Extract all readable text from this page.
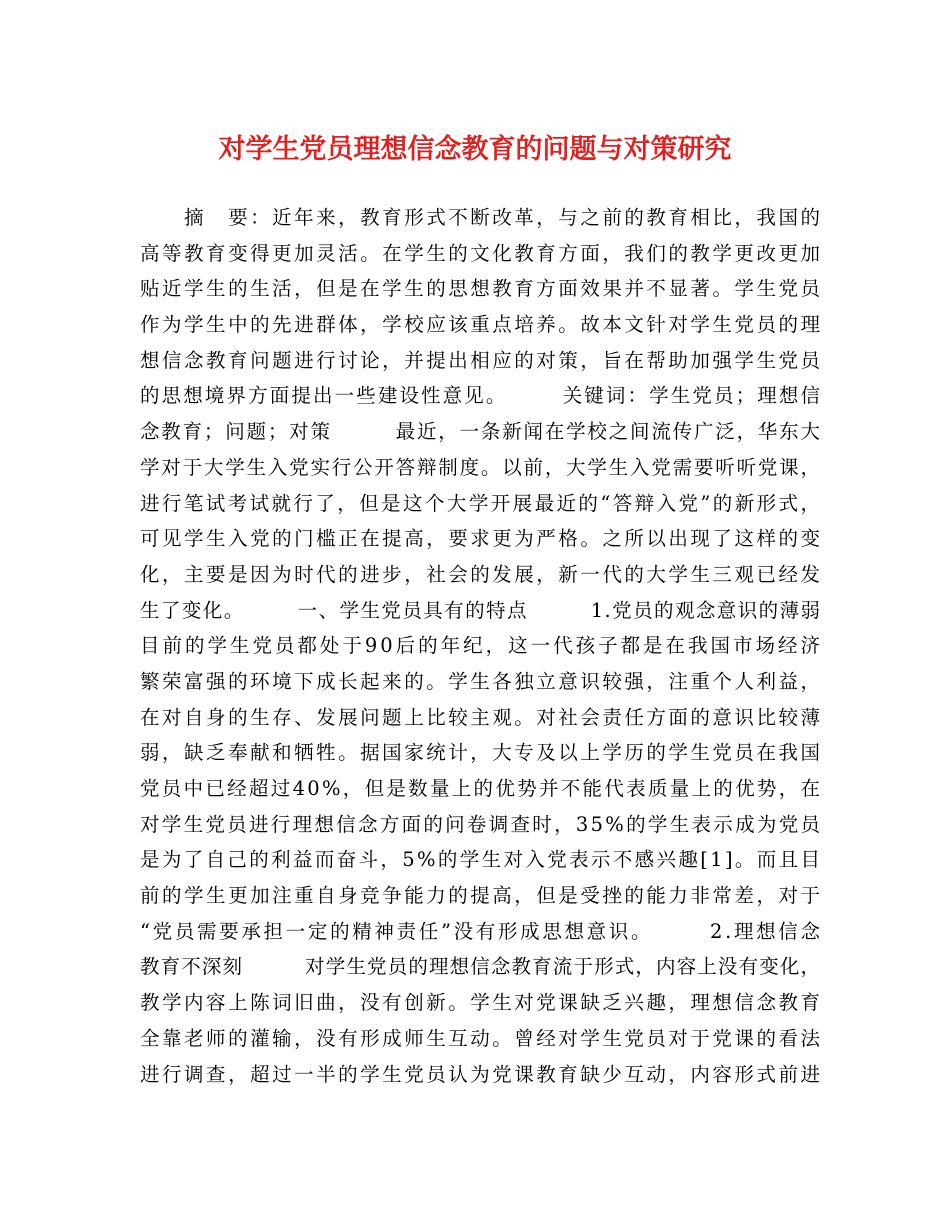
对学生党员理想信念教育的问题与对策研究
　　摘　要：近年来，教育形式不断改革，与之前的教育相比，我国的
高等教育变得更加灵活。在学生的文化教育方面，我们的教学更改更加
贴近学生的生活，但是在学生的思想教育方面效果并不显著。学生党员
作为学生中的先进群体，学校应该重点培养。故本文针对学生党员的理
想信念教育问题进行讨论，并提出相应的对策，旨在帮助加强学生党员
的思想境界方面提出一些建设性意见。　　　关键词：学生党员；理想信
念教育；问题；对策　　　最近，一条新闻在学校之间流传广泛，华东大
学对于大学生入党实行公开答辩制度。以前，大学生入党需要听听党课，
进行笔试考试就行了，但是这个大学开展最近的“答辩入党”的新形式，
可见学生入党的门槛正在提高，要求更为严格。之所以出现了这样的变
化，主要是因为时代的进步，社会的发展，新一代的大学生三观已经发
生了变化。　　　一、学生党员具有的特点　　　1.党员的观念意识的薄弱
目前的学生党员都处于90后的年纪，这一代孩子都是在我国市场经济
繁荣富强的环境下成长起来的。学生各独立意识较强，注重个人利益，
在对自身的生存、发展问题上比较主观。对社会责任方面的意识比较薄
弱，缺乏奉献和牺牲。据国家统计，大专及以上学历的学生党员在我国
党员中已经超过40%，但是数量上的优势并不能代表质量上的优势，在
对学生党员进行理想信念方面的问卷调查时，35%的学生表示成为党员
是为了自己的利益而奋斗，5%的学生对入党表示不感兴趣[1]。而且目
前的学生更加注重自身竞争能力的提高，但是受挫的能力非常差，对于
“党员需要承担一定的精神责任”没有形成思想意识。　　　2.理想信念
教育不深刻　　　对学生党员的理想信念教育流于形式，内容上没有变化，
教学内容上陈词旧曲，没有创新。学生对党课缺乏兴趣，理想信念教育
全靠老师的灌输，没有形成师生互动。曾经对学生党员对于党课的看法
进行调查，超过一半的学生党员认为党课教育缺少互动，内容形式前进
